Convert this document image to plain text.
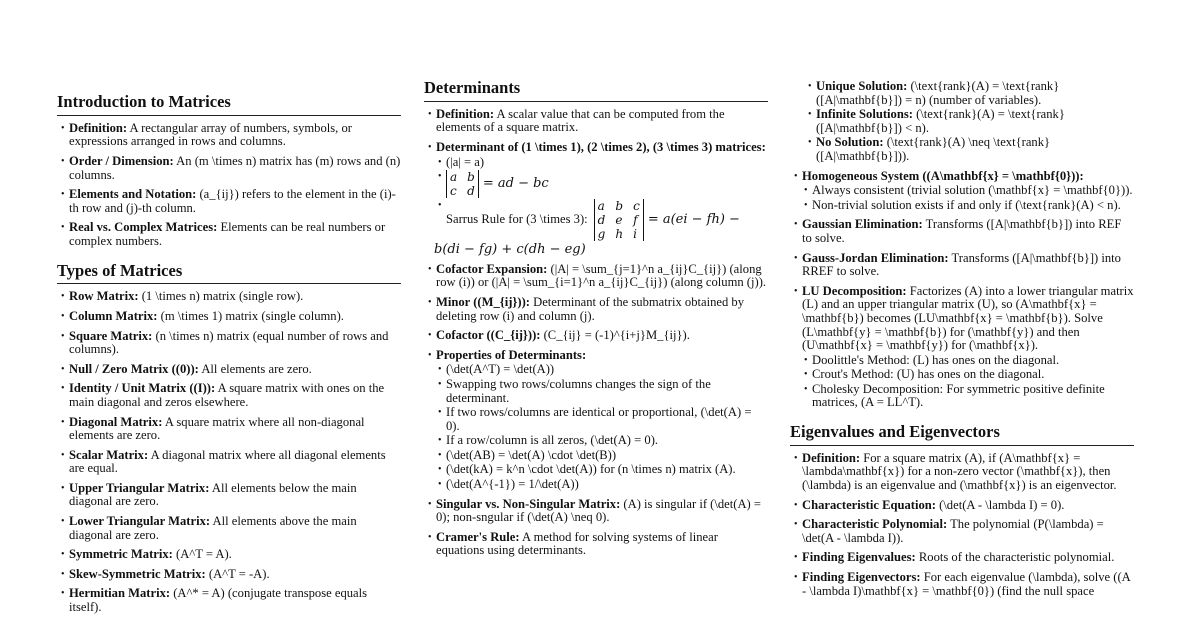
Introduction to Matrices
• Definition: A rectangular array of numbers, symbols, or expressions arranged in rows and columns.
• Order / Dimension: An (m \times n) matrix has (m) rows and (n) columns.
• Elements and Notation: (a_{ij}) refers to the element in the (i)-th row and (j)-th column.
• Real vs. Complex Matrices: Elements can be real numbers or complex numbers.
Types of Matrices
• Row Matrix: (1 \times n) matrix (single row).
• Column Matrix: (m \times 1) matrix (single column).
• Square Matrix: (n \times n) matrix (equal number of rows and columns).
• Null / Zero Matrix ((0)): All elements are zero.
• Identity / Unit Matrix ((I)): A square matrix with ones on the main diagonal and zeros elsewhere.
• Diagonal Matrix: A square matrix where all non-diagonal elements are zero.
• Scalar Matrix: A diagonal matrix where all diagonal elements are equal.
• Upper Triangular Matrix: All elements below the main diagonal are zero.
• Lower Triangular Matrix: All elements above the main diagonal are zero.
• Symmetric Matrix: (A^T = A).
• Skew-Symmetric Matrix: (A^T = -A).
• Hermitian Matrix: (A^* = A) (conjugate transpose equals itself).
Determinants
• Definition: A scalar value that can be computed from the elements of a square matrix.
• Determinant of (1 \times 1), (2 \times 2), (3 \times 3) matrices:
• (|a| = a)
• a b
c d = ad − bc
• Sarrus Rule for (3 \times 3):
a b c
d e f
g h i
= a(ei − fh) −
b(di − fg) + c(dh − eg)
• Cofactor Expansion: (|A| = \sum_{j=1}^n a_{ij}C_{ij}) (along row (i)) or (|A| = \sum_{i=1}^n a_{ij}C_{ij}) (along column (j)).
• Minor ((M_{ij})): Determinant of the submatrix obtained by deleting row (i) and column (j).
• Cofactor ((C_{ij})): (C_{ij} = (-1)^{i+j}M_{ij}).
• Properties of Determinants:
• (\det(A^T) = \det(A))
• Swapping two rows/columns changes the sign of the determinant.
• If two rows/columns are identical or proportional, (\det(A) = 0).
• If a row/column is all zeros, (\det(A) = 0).
• (\det(AB) = \det(A) \cdot \det(B))
• (\det(kA) = k^n \cdot \det(A)) for (n \times n) matrix (A).
• (\det(A^{-1}) = 1/\det(A))
• Singular vs. Non-Singular Matrix: (A) is singular if (\det(A) = 0); non-sngular if (\det(A) \neq 0).
• Cramer's Rule: A method for solving systems of linear equations using determinants.
• Unique Solution: (\text{rank}(A) = \text{rank}([A|\mathbf{b}]) = n) (number of variables).
• Infinite Solutions: (\text{rank}(A) = \text{rank}([A|\mathbf{b}]) < n).
• No Solution: (\text{rank}(A) \neq \text{rank}([A|\mathbf{b}])).
• Homogeneous System ((A\mathbf{x} = \mathbf{0})):
• Always consistent (trivial solution (\mathbf{x} = \mathbf{0})).
• Non-trivial solution exists if and only if (\text{rank}(A) < n).
• Gaussian Elimination: Transforms ([A|\mathbf{b}]) into REF to solve.
• Gauss-Jordan Elimination: Transforms ([A|\mathbf{b}]) into RREF to solve.
• LU Decomposition: Factorizes (A) into a lower triangular matrix (L) and an upper triangular matrix (U), so (A\mathbf{x} = \mathbf{b}) becomes (LU\mathbf{x} = \mathbf{b}). Solve (L\mathbf{y} = \mathbf{b}) for (\mathbf{y}) and then (U\mathbf{x} = \mathbf{y}) for (\mathbf{x}).
• Doolittle's Method: (L) has ones on the diagonal.
• Crout's Method: (U) has ones on the diagonal.
• Cholesky Decomposition: For symmetric positive definite matrices, (A = LL^T).
Eigenvalues and Eigenvectors
• Definition: For a square matrix (A), if (A\mathbf{x} = \lambda\mathbf{x}) for a non-zero vector (\mathbf{x}), then (\lambda) is an eigenvalue and (\mathbf{x}) is an eigenvector.
• Characteristic Equation: (\det(A - \lambda I) = 0).
• Characteristic Polynomial: The polynomial (P(\lambda) = \det(A - \lambda I)).
• Finding Eigenvalues: Roots of the characteristic polynomial.
• Finding Eigenvectors: For each eigenvalue (\lambda), solve ((A - \lambda I)\mathbf{x} = \mathbf{0}) (find the null space
